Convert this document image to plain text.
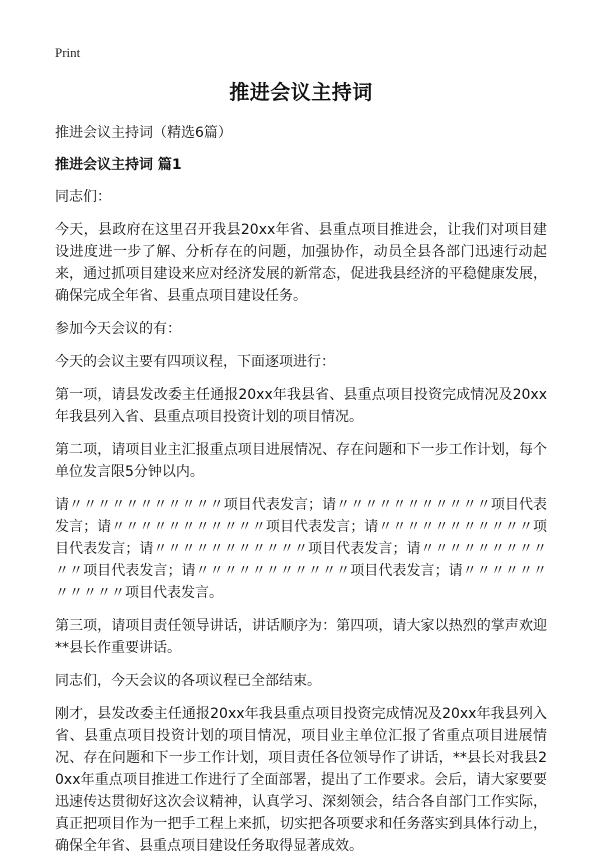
Print
推进会议主持词
推进会议主持词（精选6篇）
推进会议主持词 篇1

同志们：

今天，县政府在这里召开我县20xx年省、县重点项目推进会，让我们对项目建设进度进一步了解、分析存在的问题，加强协作，动员全县各部门迅速行动起来，通过抓项目建设来应对经济发展的新常态，促进我县经济的平稳健康发展，确保完成全年省、县重点项目建设任务。

参加今天会议的有：

今天的会议主要有四项议程，下面逐项进行：

第一项，请县发改委主任通报20xx年我县省、县重点项目投资完成情况及20xx年我县列入省、县重点项目投资计划的项目情况。

第二项，请项目业主汇报重点项目进展情况、存在问题和下一步工作计划，每个单位发言限5分钟以内。

请〃〃〃〃〃〃〃〃〃〃〃项目代表发言；请〃〃〃〃〃〃〃〃〃〃〃项目代表发言；请〃〃〃〃〃〃〃〃〃〃〃项目代表发言；请〃〃〃〃〃〃〃〃〃〃〃项目代表发言；请〃〃〃〃〃〃〃〃〃〃〃项目代表发言；请〃〃〃〃〃〃〃〃〃〃〃项目代表发言；请〃〃〃〃〃〃〃〃〃〃〃项目代表发言；请〃〃〃〃〃〃〃〃〃〃〃项目代表发言。

第三项，请项目责任领导讲话，讲话顺序为：第四项，请大家以热烈的掌声欢迎**县长作重要讲话。

同志们，今天会议的各项议程已全部结束。

刚才，县发改委主任通报20xx年我县重点项目投资完成情况及20xx年我县列入省、县重点项目投资计划的项目情况，项目业主单位汇报了省重点项目进展情况、存在问题和下一步工作计划，项目责任各位领导作了讲话，**县长对我县20xx年重点项目推进工作进行了全面部署，提出了工作要求。会后，请大家要要迅速传达贯彻好这次会议精神，认真学习、深刻领会，结合各自部门工作实际，真正把项目作为一把手工程上来抓，切实把各项要求和任务落实到具体行动上，确保全年省、县重点项目建设任务取得显著成效。
